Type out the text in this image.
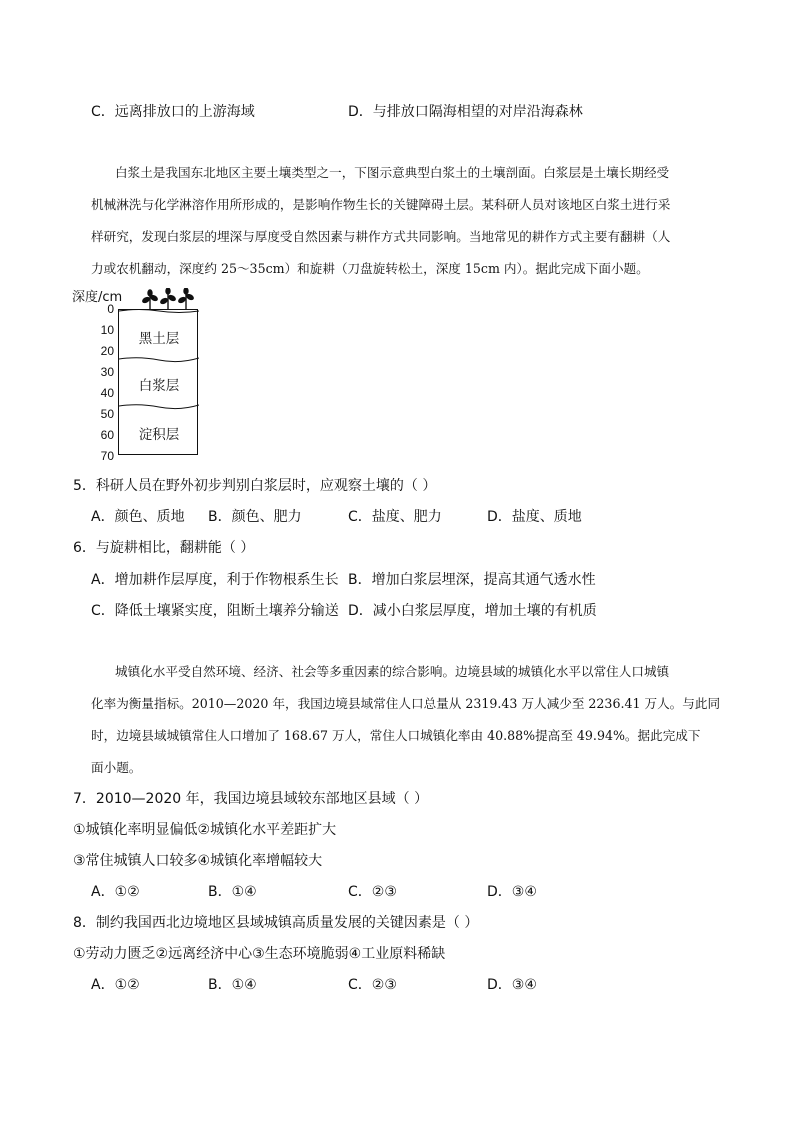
C．远离排放口的上游海域	D．与排放口隔海相望的对岸沿海森林
白浆土是我国东北地区主要土壤类型之一，下图示意典型白浆土的土壤剖面。白浆层是土壤长期经受
机械淋洗与化学淋溶作用所形成的，是影响作物生长的关键障碍土层。某科研人员对该地区白浆土进行采
样研究，发现白浆层的埋深与厚度受自然因素与耕作方式共同影响。当地常见的耕作方式主要有翻耕（人
力或农机翻动，深度约 25～35cm）和旋耕（刀盘旋转松土，深度 15cm 内）。据此完成下面小题。
深度/cm
0
10
20
30
40
50
60
70
黑土层
白浆层
淀积层
5．科研人员在野外初步判别白浆层时，应观察土壤的（ ）
A．颜色、质地 B．颜色、肥力	C．盐度、肥力	D．盐度、质地
6．与旋耕相比，翻耕能（ ）
A．增加耕作层厚度，利于作物根系生长 B．增加白浆层埋深，提高其通气透水性
C．降低土壤紧实度，阻断土壤养分输送 D．减小白浆层厚度，增加土壤的有机质
城镇化水平受自然环境、经济、社会等多重因素的综合影响。边境县域的城镇化水平以常住人口城镇
化率为衡量指标。2010—2020 年，我国边境县域常住人口总量从 2319.43 万人减少至 2236.41 万人。与此同
时，边境县域城镇常住人口增加了 168.67 万人，常住人口城镇化率由 40.88%提高至 49.94%。据此完成下
面小题。
7．2010—2020 年，我国边境县域较东部地区县域（ ）
①城镇化率明显偏低②城镇化水平差距扩大
③常住城镇人口较多④城镇化率增幅较大
A．①②	B．①④	C．②③	D．③④
8．制约我国西北边境地区县域城镇高质量发展的关键因素是（ ）
①劳动力匮乏②远离经济中心③生态环境脆弱④工业原料稀缺
A．①②	B．①④	C．②③	D．③④
